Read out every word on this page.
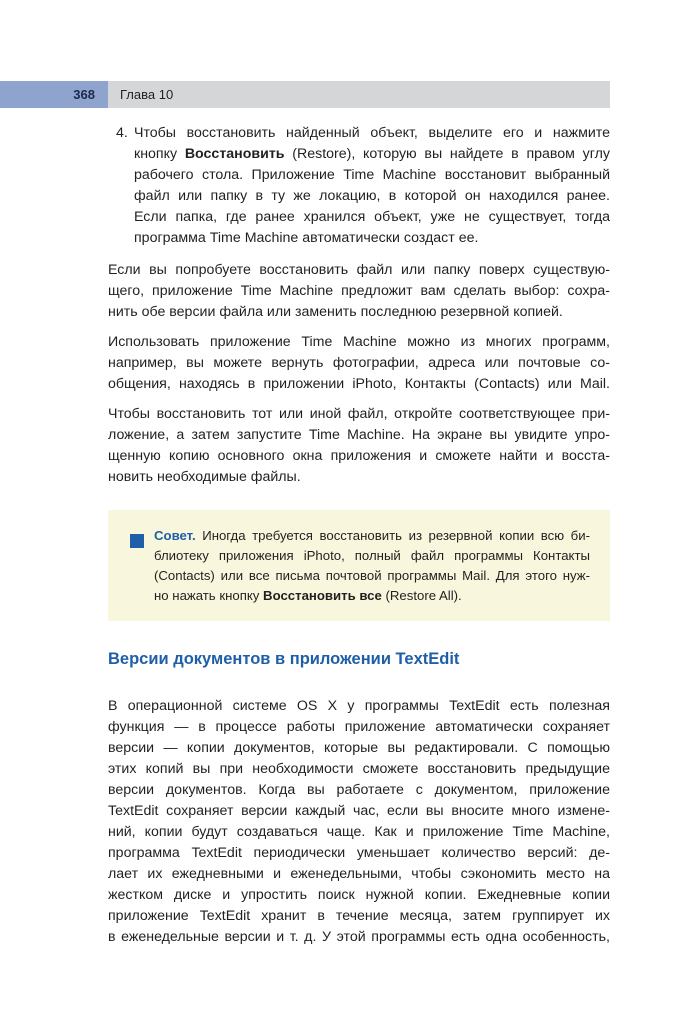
368	Глава 10
4. Чтобы восстановить найденный объект, выделите его и нажмите
кнопку Восстановить (Restore), которую вы найдете в правом углу
рабочего стола. Приложение Time Machine восстановит выбранный
файл или папку в ту же локацию, в которой он находился ранее.
Если папка, где ранее хранился объект, уже не существует, тогда
программа Time Machine автоматически создаст ее.
Если вы попробуете восстановить файл или папку поверх существую-
щего, приложение Time Machine предложит вам сделать выбор: сохра-
нить обе версии файла или заменить последнюю резервной копией.
Использовать приложение Time Machine можно из многих программ,
например, вы можете вернуть фотографии, адреса или почтовые со-
общения, находясь в приложении iPhoto, Контакты (Contacts) или Mail.
Чтобы восстановить тот или иной файл, откройте соответствующее при-
ложение, а затем запустите Time Machine. На экране вы увидите упро-
щенную копию основного окна приложения и сможете найти и восста-
новить необходимые файлы.
Совет. Иногда требуется восстановить из резервной копии всю би-
блиотеку приложения iPhoto, полный файл программы Контакты
(Contacts) или все письма почтовой программы Mail. Для этого нуж-
но нажать кнопку Восстановить все (Restore All).
Версии документов в приложении TextEdit
В операционной системе OS X у программы TextEdit есть полезная
функция — в процессе работы приложение автоматически сохраняет
версии — копии документов, которые вы редактировали. С помощью
этих копий вы при необходимости сможете восстановить предыдущие
версии документов. Когда вы работаете с документом, приложение
TextEdit сохраняет версии каждый час, если вы вносите много измене-
ний, копии будут создаваться чаще. Как и приложение Time Machine,
программа TextEdit периодически уменьшает количество версий: де-
лает их ежедневными и еженедельными, чтобы сэкономить место на
жестком диске и упростить поиск нужной копии. Ежедневные копии
приложение TextEdit хранит в течение месяца, затем группирует их
в еженедельные версии и т. д. У этой программы есть одна особенность,
